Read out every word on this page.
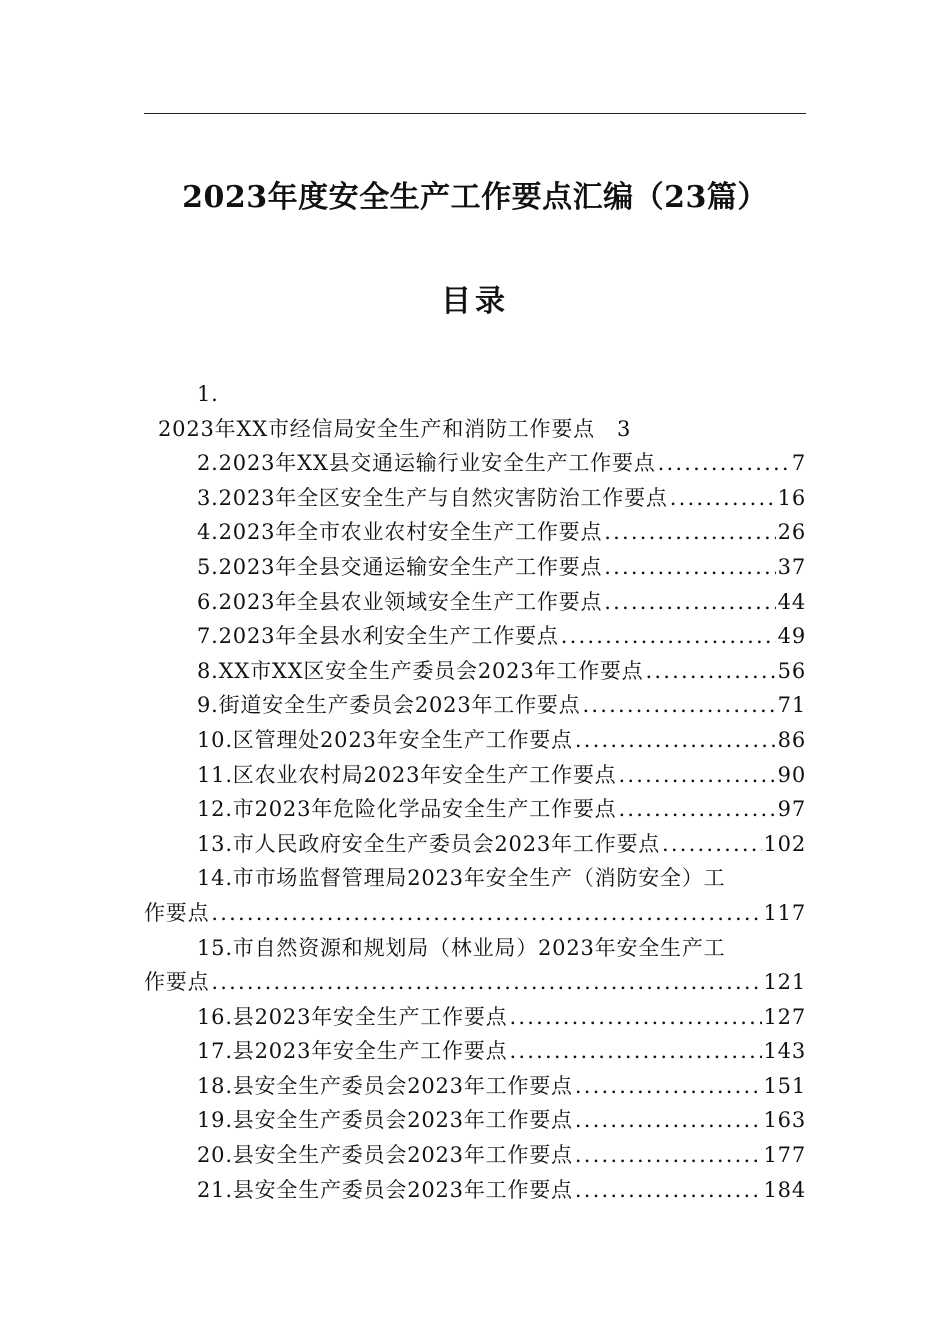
2023年度安全生产工作要点汇编（23篇）
目录
1.
2023年XX市经信局安全生产和消防工作要点 3
2.2023年XX县交通运输行业安全生产工作要点 .....	7
3.2023年全区安全生产与自然灾害防治工作要点 .....	16
4.2023年全市农业农村安全生产工作要点 .....	26
5.2023年全县交通运输安全生产工作要点 .....	37
6.2023年全县农业领域安全生产工作要点 .....	44
7.2023年全县水利安全生产工作要点 .....	49
8.XX市XX区安全生产委员会2023年工作要点 .....	56
9.街道安全生产委员会2023年工作要点 .....	71
10.区管理处2023年安全生产工作要点 .....	86
11.区农业农村局2023年安全生产工作要点 .....	90
12.市2023年危险化学品安全生产工作要点 .....	97
13.市人民政府安全生产委员会2023年工作要点 .....	102
14.市市场监督管理局2023年安全生产（消防安全）工
作要点 .....	117
15.市自然资源和规划局（林业局）2023年安全生产工
作要点 .....	121
16.县2023年安全生产工作要点 .....	127
17.县2023年安全生产工作要点 .....	143
18.县安全生产委员会2023年工作要点 .....	151
19.县安全生产委员会2023年工作要点 .....	163
20.县安全生产委员会2023年工作要点 .....	177
21.县安全生产委员会2023年工作要点 .....	184
